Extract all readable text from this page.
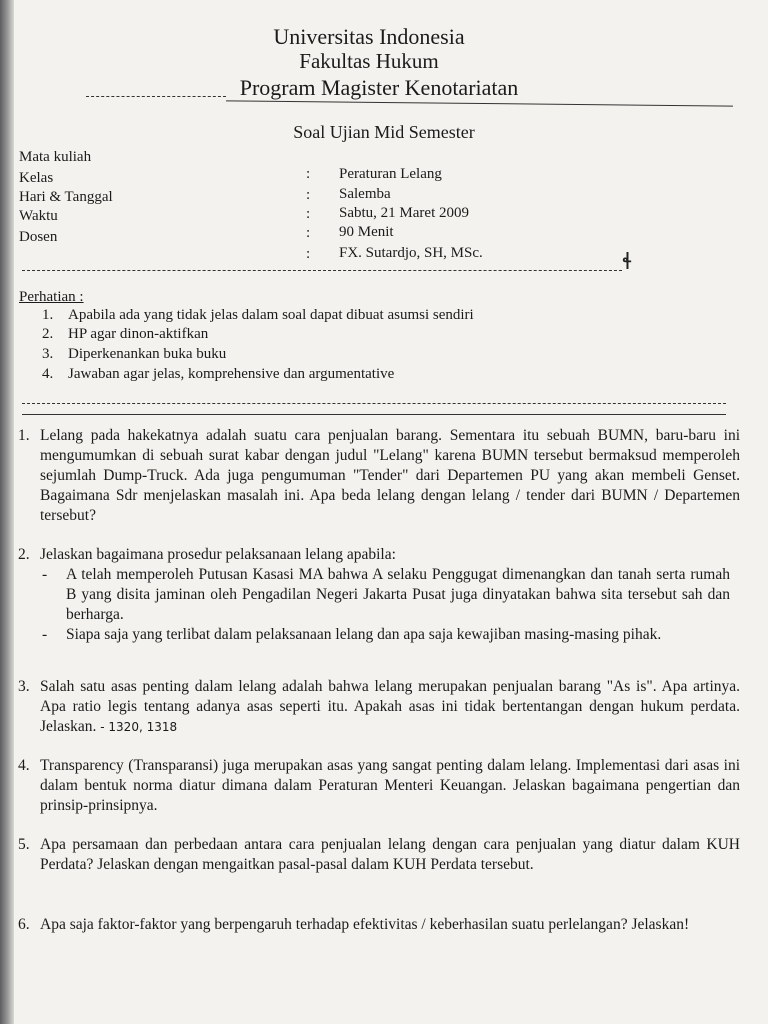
Universitas Indonesia
Fakultas Hukum
Program Magister Kenotariatan
Soal Ujian Mid Semester
Mata kuliah
: Peraturan Lelang
Kelas
: Salemba
Hari & Tanggal
: Sabtu, 21 Maret 2009
Waktu
: 90 Menit
Dosen
: FX. Sutardjo, SH, MSc.	ɬ
Perhatian :
1. Apabila ada yang tidak jelas dalam soal dapat dibuat asumsi sendiri
2. HP agar dinon-aktifkan
3. Diperkenankan buka buku
4. Jawaban agar jelas, komprehensive dan argumentative
1. Lelang pada hakekatnya adalah suatu cara penjualan barang. Sementara itu sebuah BUMN, baru-baru ini mengumumkan di sebuah surat kabar dengan judul "Lelang" karena BUMN tersebut bermaksud memperoleh sejumlah Dump-Truck. Ada juga pengumuman "Tender" dari Departemen PU yang akan membeli Genset. Bagaimana Sdr menjelaskan masalah ini. Apa beda lelang dengan lelang / tender dari BUMN / Departemen tersebut?
2. Jelaskan bagaimana prosedur pelaksanaan lelang apabila:
- A telah memperoleh Putusan Kasasi MA bahwa A selaku Penggugat dimenangkan dan tanah serta rumah B yang disita jaminan oleh Pengadilan Negeri Jakarta Pusat juga dinyatakan bahwa sita tersebut sah dan berharga.
- Siapa saja yang terlibat dalam pelaksanaan lelang dan apa saja kewajiban masing-masing pihak.
3. Salah satu asas penting dalam lelang adalah bahwa lelang merupakan penjualan barang "As is". Apa artinya. Apa ratio legis tentang adanya asas seperti itu. Apakah asas ini tidak bertentangan dengan hukum perdata. Jelaskan. - 1320, 1318
4. Transparency (Transparansi) juga merupakan asas yang sangat penting dalam lelang. Implementasi dari asas ini dalam bentuk norma diatur dimana dalam Peraturan Menteri Keuangan. Jelaskan bagaimana pengertian dan prinsip-prinsipnya.
5. Apa persamaan dan perbedaan antara cara penjualan lelang dengan cara penjualan yang diatur dalam KUH Perdata? Jelaskan dengan mengaitkan pasal-pasal dalam KUH Perdata tersebut.
6. Apa saja faktor-faktor yang berpengaruh terhadap efektivitas / keberhasilan suatu perlelangan? Jelaskan!
